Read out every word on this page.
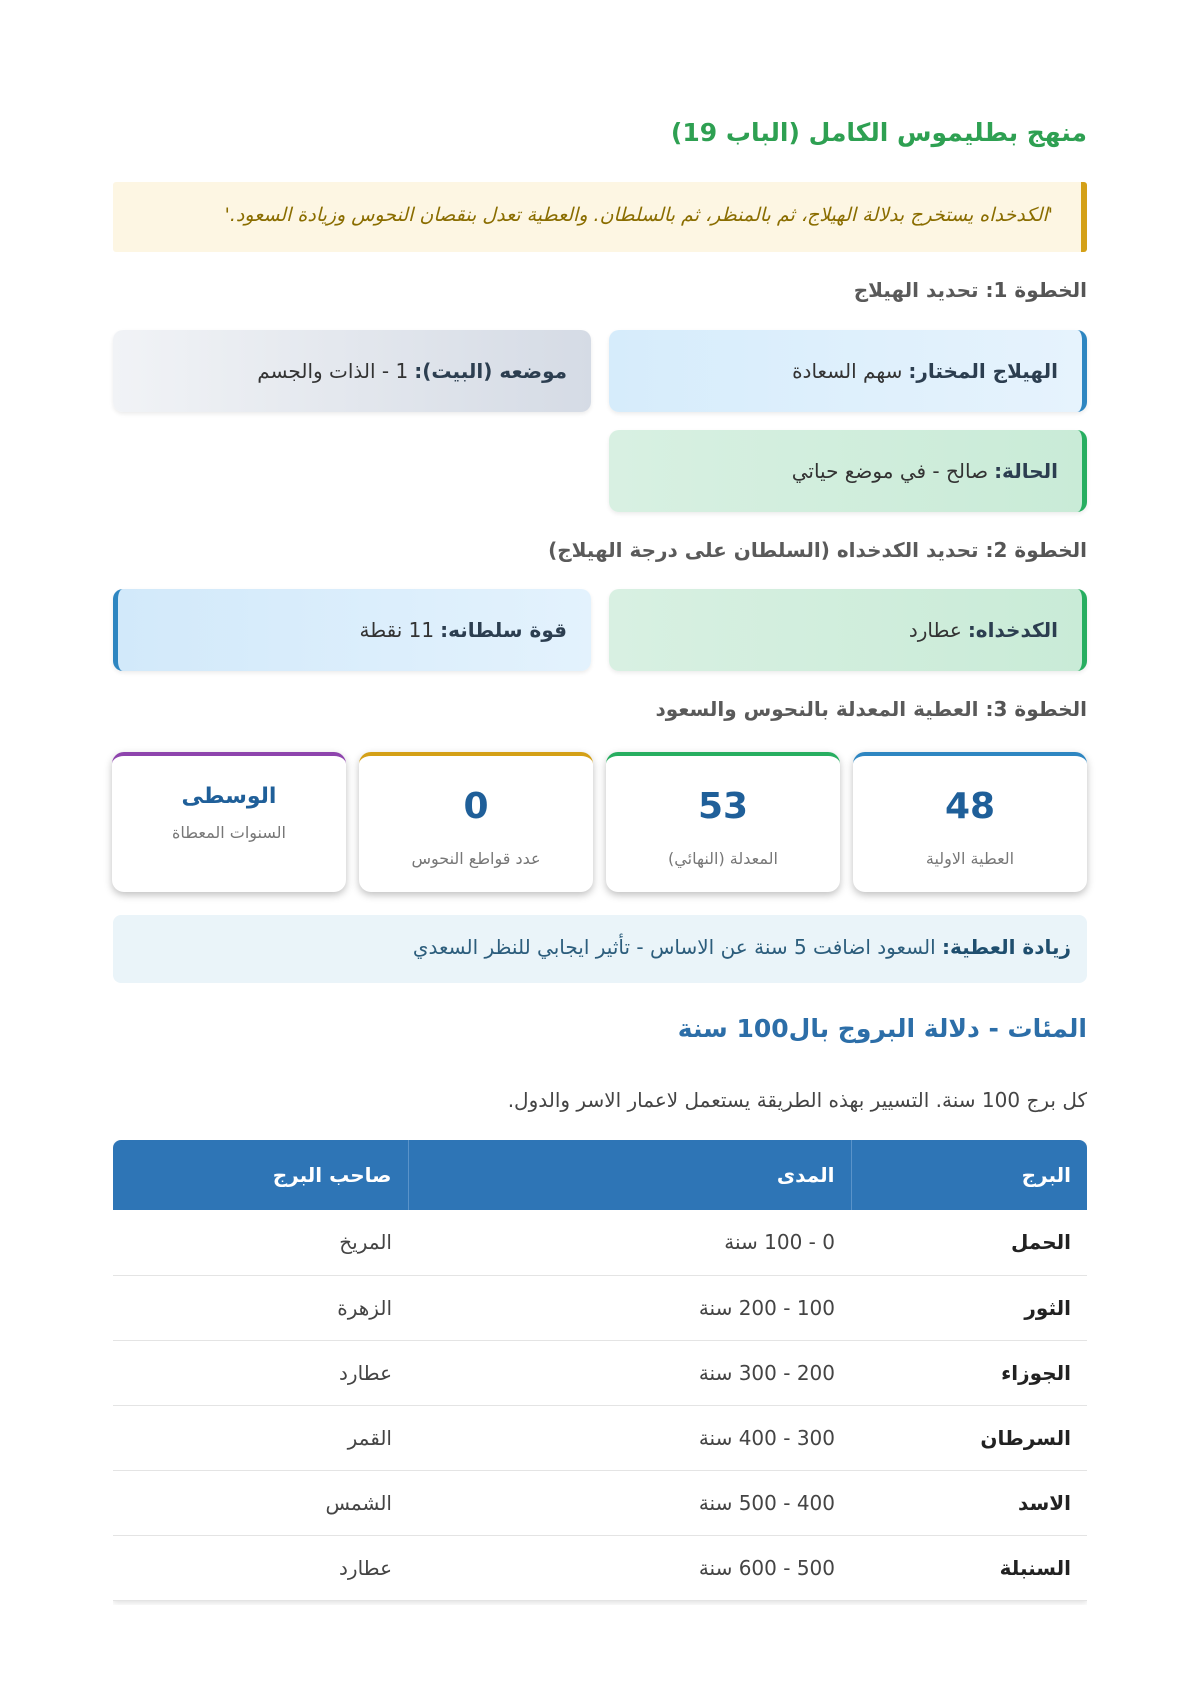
منهج بطليموس الكامل (الباب 19)
'الكدخداه يستخرج بدلالة الهيلاج، ثم بالمنظر، ثم بالسلطان. والعطية تعدل بنقصان النحوس وزيادة السعود.'
الخطوة 1: تحديد الهيلاج
الهيلاج المختار:
سهم السعادة
موضعه (البيت):
1 - الذات والجسم
الحالة:
صالح - في موضع حياتي
الخطوة 2: تحديد الكدخداه (السلطان على درجة الهيلاج)
الكدخداه:
عطارد
قوة سلطانه:
11 نقطة
الخطوة 3: العطية المعدلة بالنحوس والسعود
48
العطية الاولية
53
المعدلة (النهائي)
0
عدد قواطع النحوس
الوسطى
السنوات المعطاة
زيادة العطية: السعود اضافت 5 سنة عن الاساس - تأثير ايجابي للنظر السعدي
المئات - دلالة البروج بال100 سنة
كل برج 100 سنة. التسيير بهذه الطريقة يستعمل لاعمار الاسر والدول.
البرج	المدى	صاحب البرج
الحمل	0 - 100 سنة	المريخ
الثور	100 - 200 سنة	الزهرة
الجوزاء	200 - 300 سنة	عطارد
السرطان	300 - 400 سنة	القمر
الاسد	400 - 500 سنة	الشمس
السنبلة	500 - 600 سنة	عطارد
